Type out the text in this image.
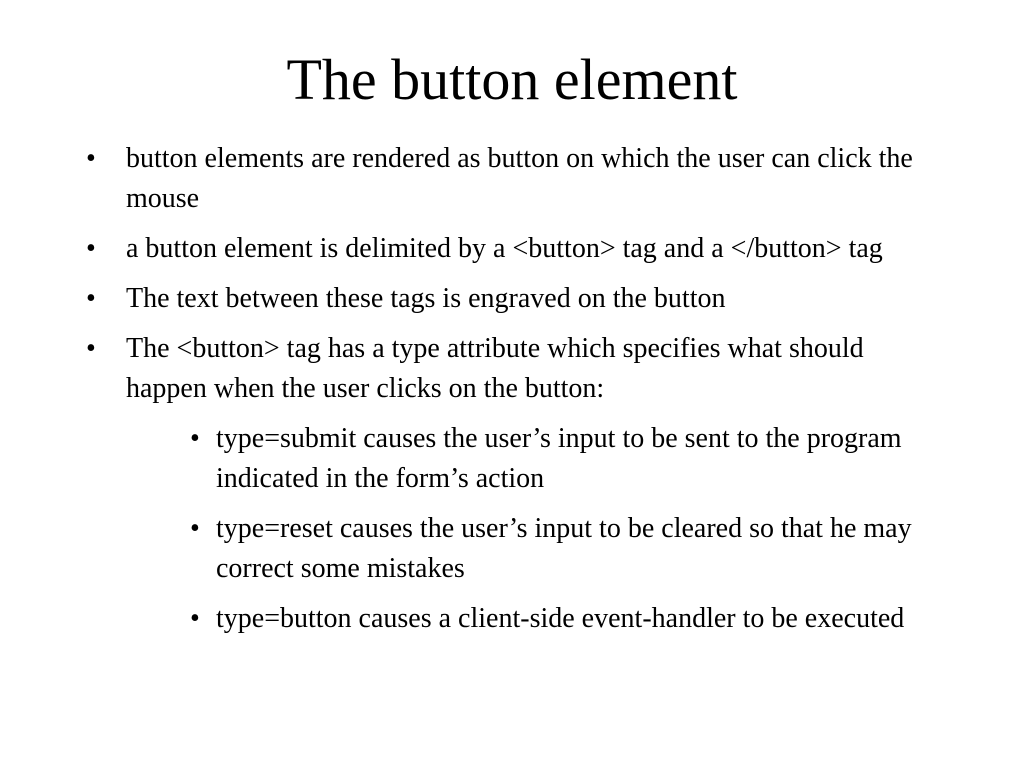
The button element
• button elements are rendered as button on which the user can click the mouse
• a button element is delimited by a <button> tag and a </button> tag
• The text between these tags is engraved on the button
• The <button> tag has a type attribute which specifies what should happen when the user clicks on the button:
• type=submit causes the user’s input to be sent to the program indicated in the form’s action
• type=reset causes the user’s input to be cleared so that he may correct some mistakes
• type=button causes a client-side event-handler to be executed
